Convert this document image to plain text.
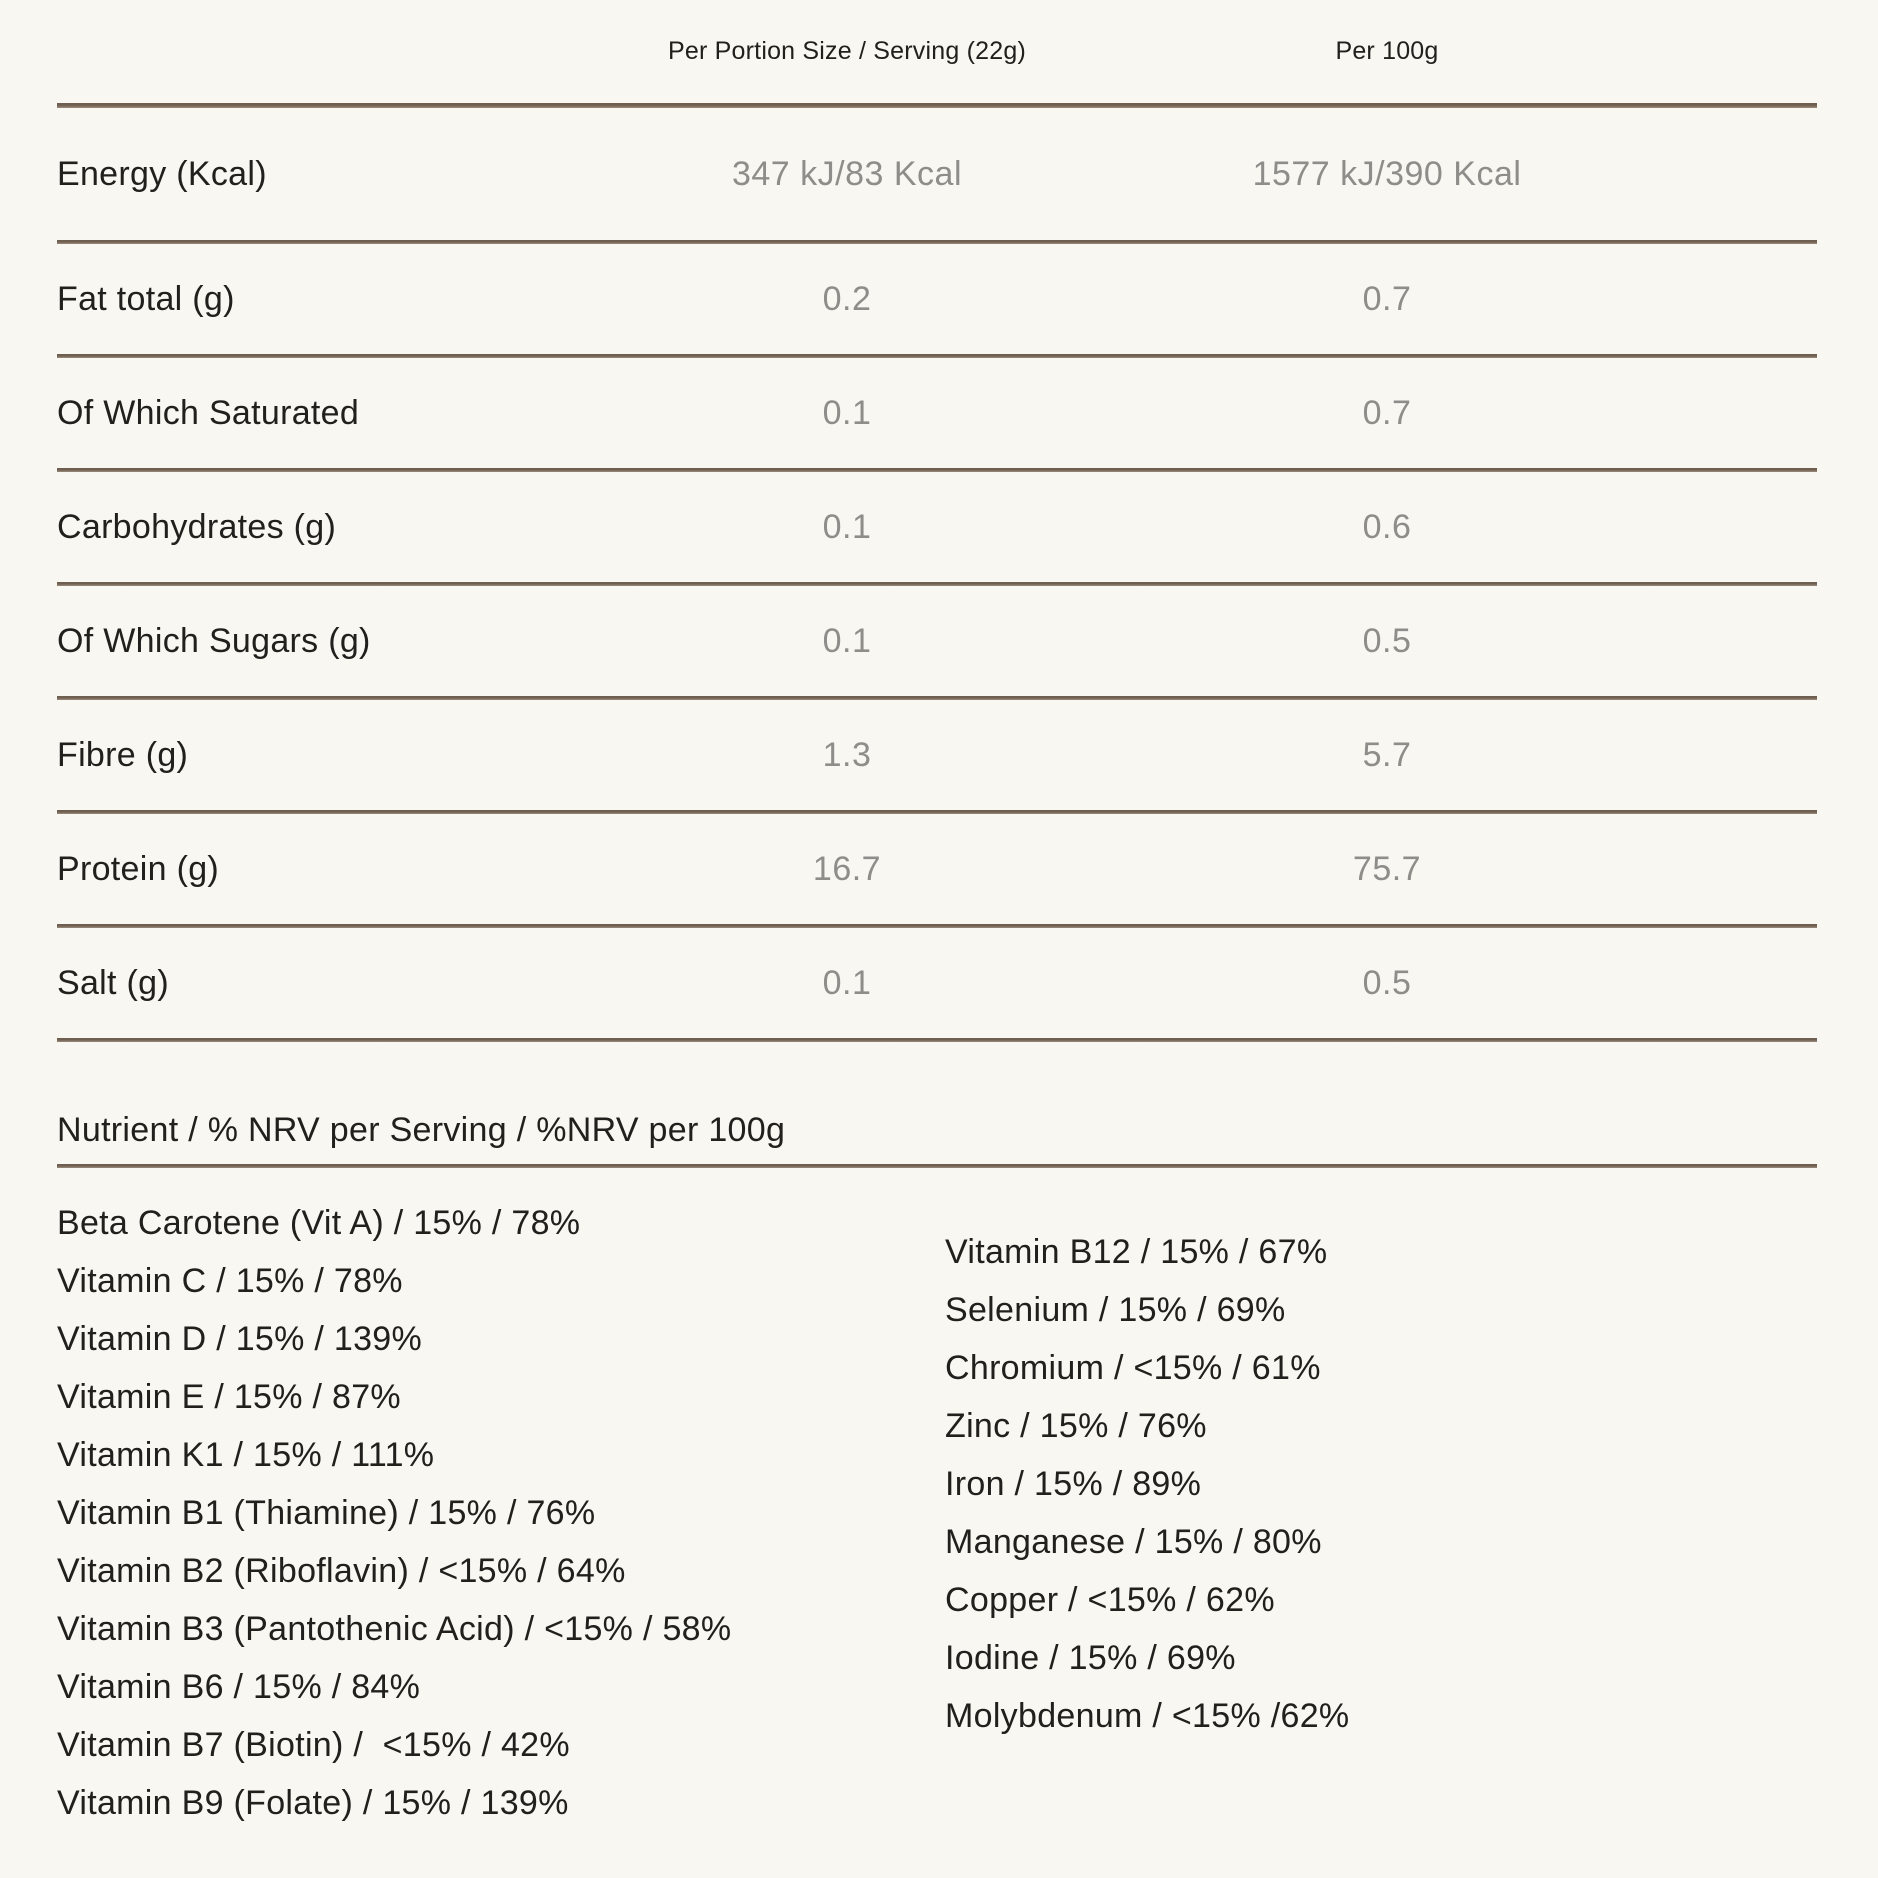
Per Portion Size / Serving (22g)	Per 100g
Energy (Kcal)	347 kJ/83 Kcal	1577 kJ/390 Kcal
Fat total (g)	0.2	0.7
Of Which Saturated	0.1	0.7
Carbohydrates (g)	0.1	0.6
Of Which Sugars (g)	0.1	0.5
Fibre (g)	1.3	5.7
Protein (g)	16.7	75.7
Salt (g)	0.1	0.5
Nutrient / % NRV per Serving / %NRV per 100g
Beta Carotene (Vit A) / 15% / 78%
Vitamin C / 15% / 78%
Vitamin D / 15% / 139%
Vitamin E / 15% / 87%
Vitamin K1 / 15% / 111%
Vitamin B1 (Thiamine) / 15% / 76%
Vitamin B2 (Riboflavin) / <15% / 64%
Vitamin B3 (Pantothenic Acid) / <15% / 58%
Vitamin B6 / 15% / 84%
Vitamin B7 (Biotin) /  <15% / 42%
Vitamin B9 (Folate) / 15% / 139%
Vitamin B12 / 15% / 67%
Selenium / 15% / 69%
Chromium / <15% / 61%
Zinc / 15% / 76%
Iron / 15% / 89%
Manganese / 15% / 80%
Copper / <15% / 62%
Iodine / 15% / 69%
Molybdenum / <15% /62%
